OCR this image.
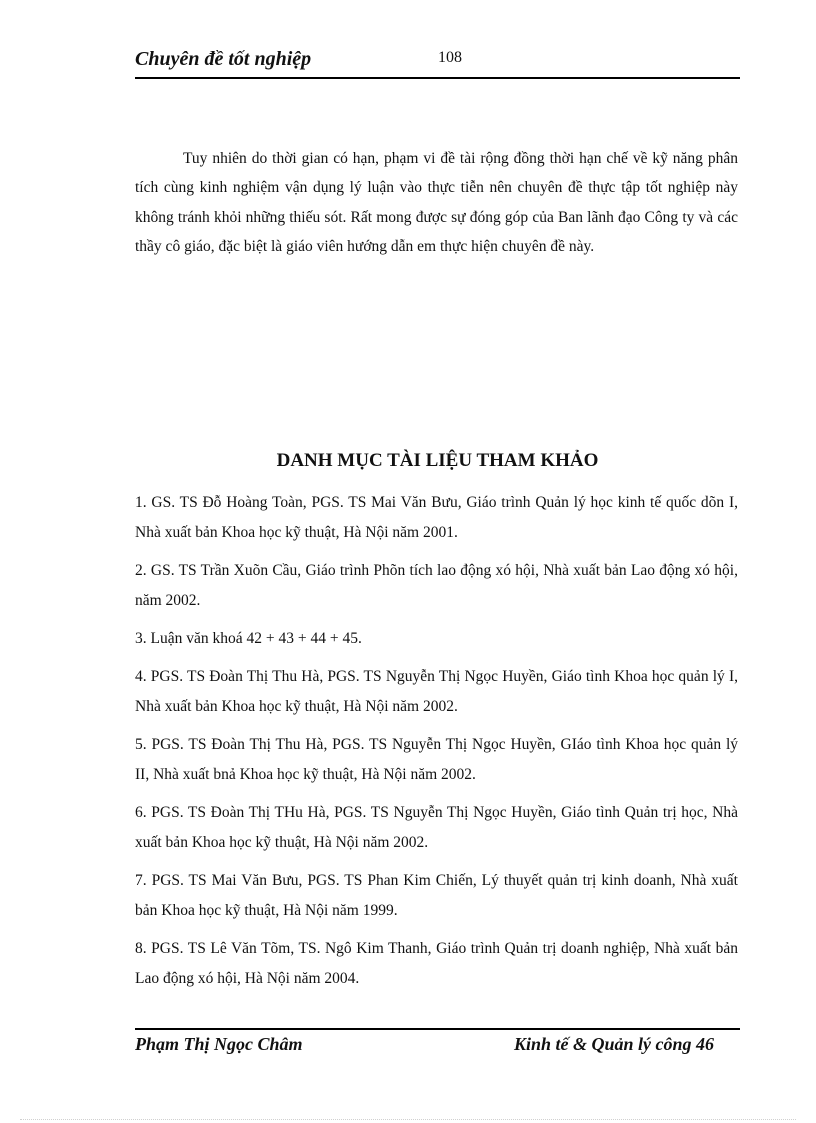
Chuyên đề tốt nghiệp	108

Tuy nhiên do thời gian có hạn, phạm vi đề tài rộng đồng thời hạn chế về kỹ năng phân tích cùng kinh nghiệm vận dụng lý luận vào thực tiễn nên chuyên đề thực tập tốt nghiệp này không tránh khỏi những thiếu sót. Rất mong được sự đóng góp của Ban lãnh đạo Công ty và các thầy cô giáo, đặc biệt là giáo viên hướng dẫn em thực hiện chuyên đề này.

DANH MỤC TÀI LIỆU THAM KHẢO
1. GS. TS Đỗ Hoàng Toàn, PGS. TS Mai Văn Bưu, Giáo trình Quản lý học kinh tế quốc dõn I, Nhà xuất bản Khoa học kỹ thuật, Hà Nội năm 2001.
2. GS. TS Trần Xuõn Cầu, Giáo trình Phõn tích lao động xó hội, Nhà xuất bản Lao động xó hội, năm 2002.
3. Luận văn khoá 42 + 43 + 44 + 45.
4. PGS. TS Đoàn Thị Thu Hà, PGS. TS Nguyễn Thị Ngọc Huyền, Giáo tình Khoa học quản lý I, Nhà xuất bản Khoa học kỹ thuật, Hà Nội năm 2002.
5. PGS. TS Đoàn Thị Thu Hà, PGS. TS Nguyễn Thị Ngọc Huyền, GIáo tình Khoa học quản lý II, Nhà xuất bnả Khoa học kỹ thuật, Hà Nội năm 2002.
6. PGS. TS Đoàn Thị THu Hà, PGS. TS Nguyễn Thị Ngọc Huyền, Giáo tình Quản trị học, Nhà xuất bản Khoa học kỹ thuật, Hà Nội năm 2002.
7. PGS. TS Mai Văn Bưu, PGS. TS Phan Kim Chiến, Lý thuyết quản trị kinh doanh, Nhà xuất bản Khoa học kỹ thuật, Hà Nội năm 1999.
8. PGS. TS Lê Văn Tõm, TS. Ngô Kim Thanh, Giáo trình Quản trị doanh nghiệp, Nhà xuất bản Lao động xó hội, Hà Nội năm 2004.
Phạm Thị Ngọc Châm	Kinh tế & Quản lý công 46
